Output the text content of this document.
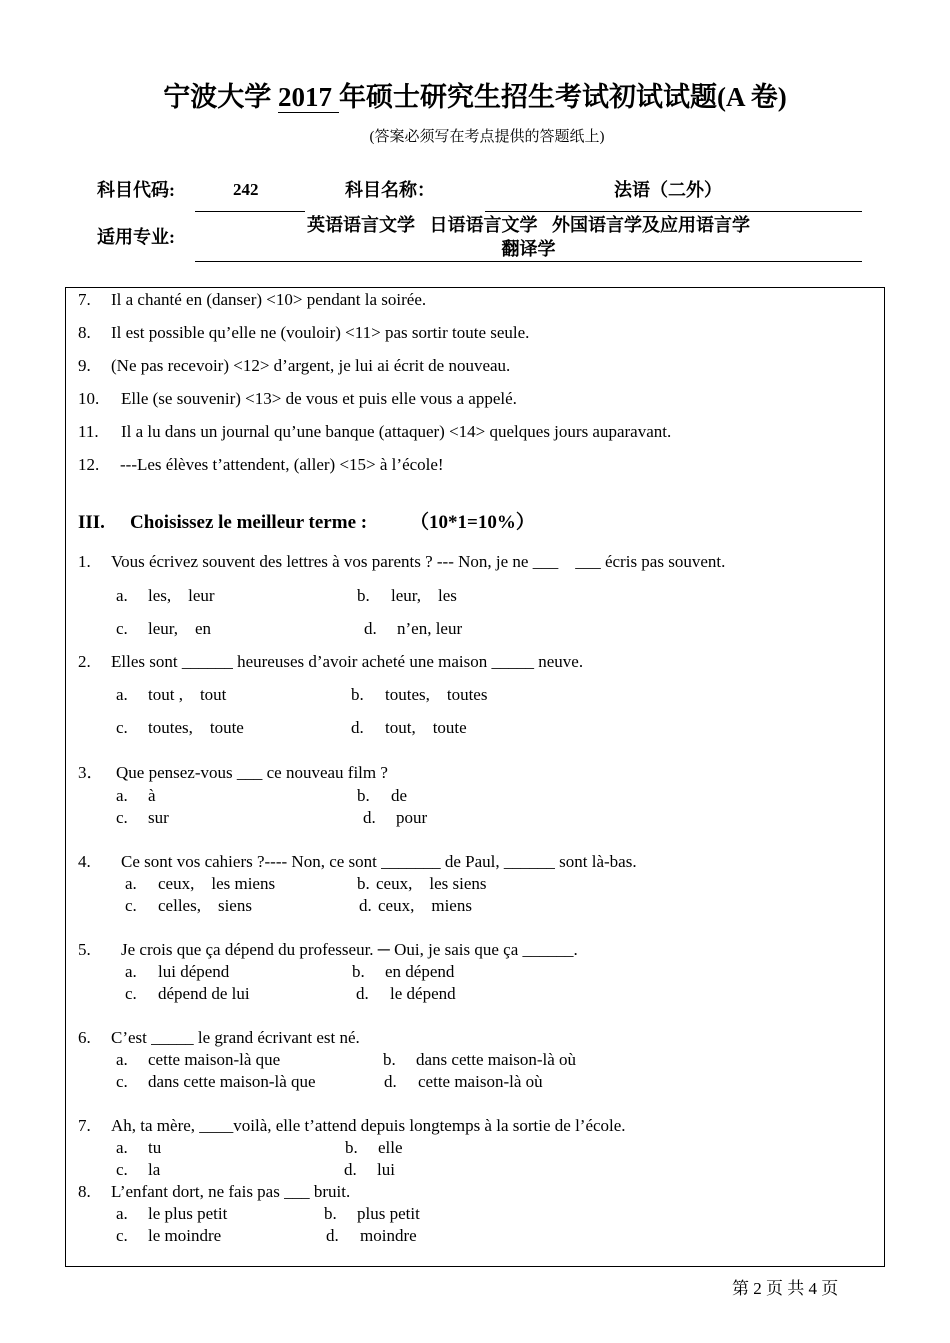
宁波大学 2017 年硕士研究生招生考试初试试题(A 卷)
(答案必须写在考点提供的答题纸上)
科目代码:	242	科目名称：	法语（二外）
适用专业:
英语语言文学 日语语言文学 外国语言学及应用语言学
翻译学
7. Il a chanté en (danser) <10> pendant la soirée.
8. Il est possible qu’elle ne (vouloir) <11> pas sortir toute seule.
9. (Ne pas recevoir) <12> d’argent, je lui ai écrit de nouveau.
10. Elle (se souvenir) <13> de vous et puis elle vous a appelé.
11. Il a lu dans un journal qu’une banque (attaquer) <14> quelques jours auparavant.
12. ---Les élèves t’attendent, (aller) <15> à l’école!
III. Choisissez le meilleur terme : （10*1=10%）
1. Vous écrivez souvent des lettres à vos parents ? --- Non, je ne ___    ___ écris pas souvent.
a. les,    leur	b. leur,    les
c. leur,    en	d. n’en, leur
2. Elles sont ______ heureuses d’avoir acheté une maison _____ neuve.
a. tout ,    tout	b. toutes,    toutes
c. toutes,    toute	d. tout,    toute
3． Que pensez-vous ___ ce nouveau film ?
a. à	b. de
c. sur	d. pour
4. Ce sont vos cahiers ?---- Non, ce sont _______ de Paul, ______ sont là-bas.
a. ceux,    les miens	b. ceux,    les siens
c. celles,    siens	d. ceux,    miens
5. Je crois que ça dépend du professeur. ─ Oui, je sais que ça ______.
a. lui dépend	b. en dépend
c. dépend de lui	d. le dépend
6. C’est _____ le grand écrivant est né.
a. cette maison-là que	b. dans cette maison-là où
c. dans cette maison-là que	d. cette maison-là où
7. Ah, ta mère, ____voilà, elle t’attend depuis longtemps à la sortie de l’école.
a. tu	b. elle
c. la	d. lui
8. L’enfant dort, ne fais pas ___ bruit.
a. le plus petit	b. plus petit
c. le moindre	d. moindre
第 2 页 共 4 页
